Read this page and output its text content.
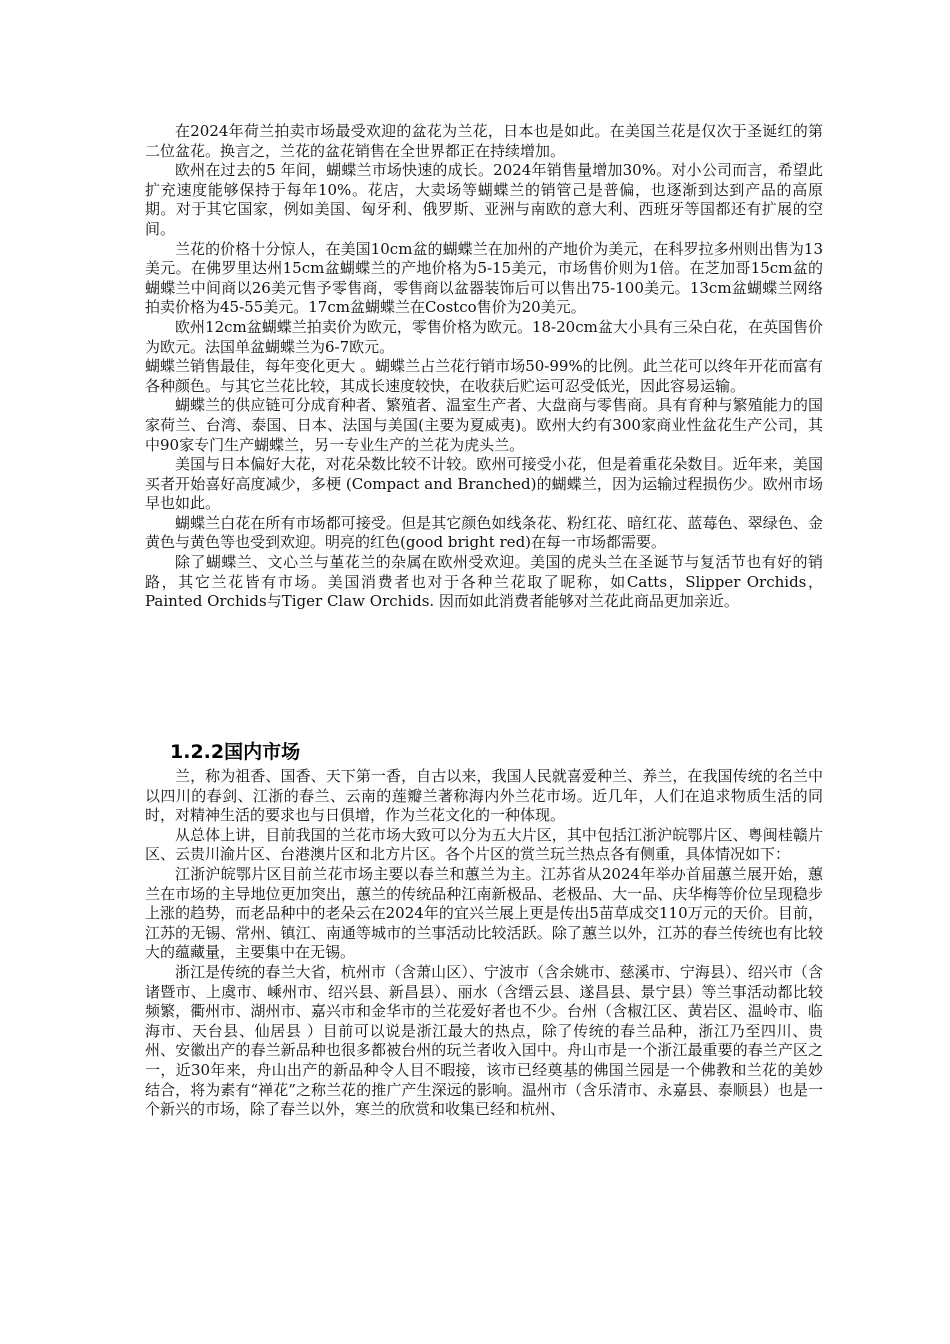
在2024年荷兰拍卖市场最受欢迎的盆花为兰花，日本也是如此。在美国兰花是仅次于圣诞红的第二位盆花。换言之，兰花的盆花销售在全世界都正在持续增加。

欧州在过去的5 年间，蝴蝶兰市场快速的成长。2024年销售量增加30%。对小公司而言，希望此扩充速度能够保持于每年10%。花店，大卖场等蝴蝶兰的销管己是普偏，也逐渐到达到产品的高原期。对于其它国家，例如美国、匈牙利、俄罗斯、亚洲与南欧的意大利、西班牙等国都还有扩展的空间。

兰花的价格十分惊人，在美国10cm盆的蝴蝶兰在加州的产地价为美元，在科罗拉多州则出售为13美元。在佛罗里达州15cm盆蝴蝶兰的产地价格为5-15美元，市场售价则为1倍。在芝加哥15cm盆的蝴蝶兰中间商以26美元售予零售商，零售商以盆器装饰后可以售出75-100美元。13cm盆蝴蝶兰网络拍卖价格为45-55美元。17cm盆蝴蝶兰在Costco售价为20美元。

欧州12cm盆蝴蝶兰拍卖价为欧元，零售价格为欧元。18-20cm盆大小具有三朵白花，在英国售价为欧元。法国单盆蝴蝶兰为6-7欧元。

蝴蝶兰销售最佳，每年变化更大 。蝴蝶兰占兰花行销市场50-99%的比例。此兰花可以终年开花而富有各种颜色。与其它兰花比较，其成长速度较快，在收获后贮运可忍受低光，因此容易运输。

蝴蝶兰的供应链可分成育种者、繁殖者、温室生产者、大盘商与零售商。具有育种与繁殖能力的国家荷兰、台湾、泰国、日本、法国与美国(主要为夏威夷)。欧州大约有300家商业性盆花生产公司，其中90家专门生产蝴蝶兰，另一专业生产的兰花为虎头兰。

美国与日本偏好大花，对花朵数比较不计较。欧州可接受小花，但是着重花朵数目。近年来，美国买者开始喜好高度减少，多梗 (Compact and Branched)的蝴蝶兰，因为运输过程损伤少。欧州市场早也如此。

蝴蝶兰白花在所有市场都可接受。但是其它颜色如线条花、粉红花、暗红花、蓝莓色、翠绿色、金黄色与黄色等也受到欢迎。明亮的红色(good bright red)在每一市场都需要。

除了蝴蝶兰、文心兰与堇花兰的杂属在欧州受欢迎。美国的虎头兰在圣诞节与复活节也有好的销路，其它兰花皆有市场。美国消费者也对于各种兰花取了昵称，如Catts，Slipper Orchids，Painted Orchids与Tiger Claw Orchids. 因而如此消费者能够对兰花此商品更加亲近。

1.2.2国内市场

兰，称为祖香、国香、天下第一香，自古以来，我国人民就喜爱种兰、养兰，在我国传统的名兰中以四川的春剑、江浙的春兰、云南的莲瓣兰著称海内外兰花市场。近几年，人们在追求物质生活的同时，对精神生活的要求也与日俱增，作为兰花文化的一种体现。

从总体上讲，目前我国的兰花市场大致可以分为五大片区，其中包括江浙沪皖鄂片区、粤闽桂赣片区、云贵川渝片区、台港澳片区和北方片区。各个片区的赏兰玩兰热点各有侧重，具体情况如下：

江浙沪皖鄂片区目前兰花市场主要以春兰和蕙兰为主。江苏省从2024年举办首届蕙兰展开始，蕙兰在市场的主导地位更加突出，蕙兰的传统品种江南新极品、老极品、大一品、庆华梅等价位呈现稳步上涨的趋势，而老品种中的老朵云在2024年的宜兴兰展上更是传出5苗草成交110万元的天价。目前，江苏的无锡、常州、镇江、南通等城市的兰事活动比较活跃。除了蕙兰以外，江苏的春兰传统也有比较大的蕴藏量，主要集中在无锡。

浙江是传统的春兰大省，杭州市（含萧山区）、宁波市（含余姚市、慈溪市、宁海县）、绍兴市（含诸暨市、上虞市、嵊州市、绍兴县、新昌县）、丽水（含缙云县、遂昌县、景宁县）等兰事活动都比较频繁，衢州市、湖州市、嘉兴市和金华市的兰花爱好者也不少。台州（含椒江区、黄岩区、温岭市、临海市、天台县、仙居县 ）目前可以说是浙江最大的热点，除了传统的春兰品种，浙江乃至四川、贵州、安徽出产的春兰新品种也很多都被台州的玩兰者收入囯中。舟山市是一个浙江最重要的春兰产区之一，近30年来，舟山出产的新品种令人目不暇接，该市已经奠基的佛国兰园是一个佛教和兰花的美妙结合，将为素有“禅花”之称兰花的推广产生深远的影响。温州市（含乐清市、永嘉县、泰顺县）也是一个新兴的市场，除了春兰以外，寒兰的欣赏和收集已经和杭州、
